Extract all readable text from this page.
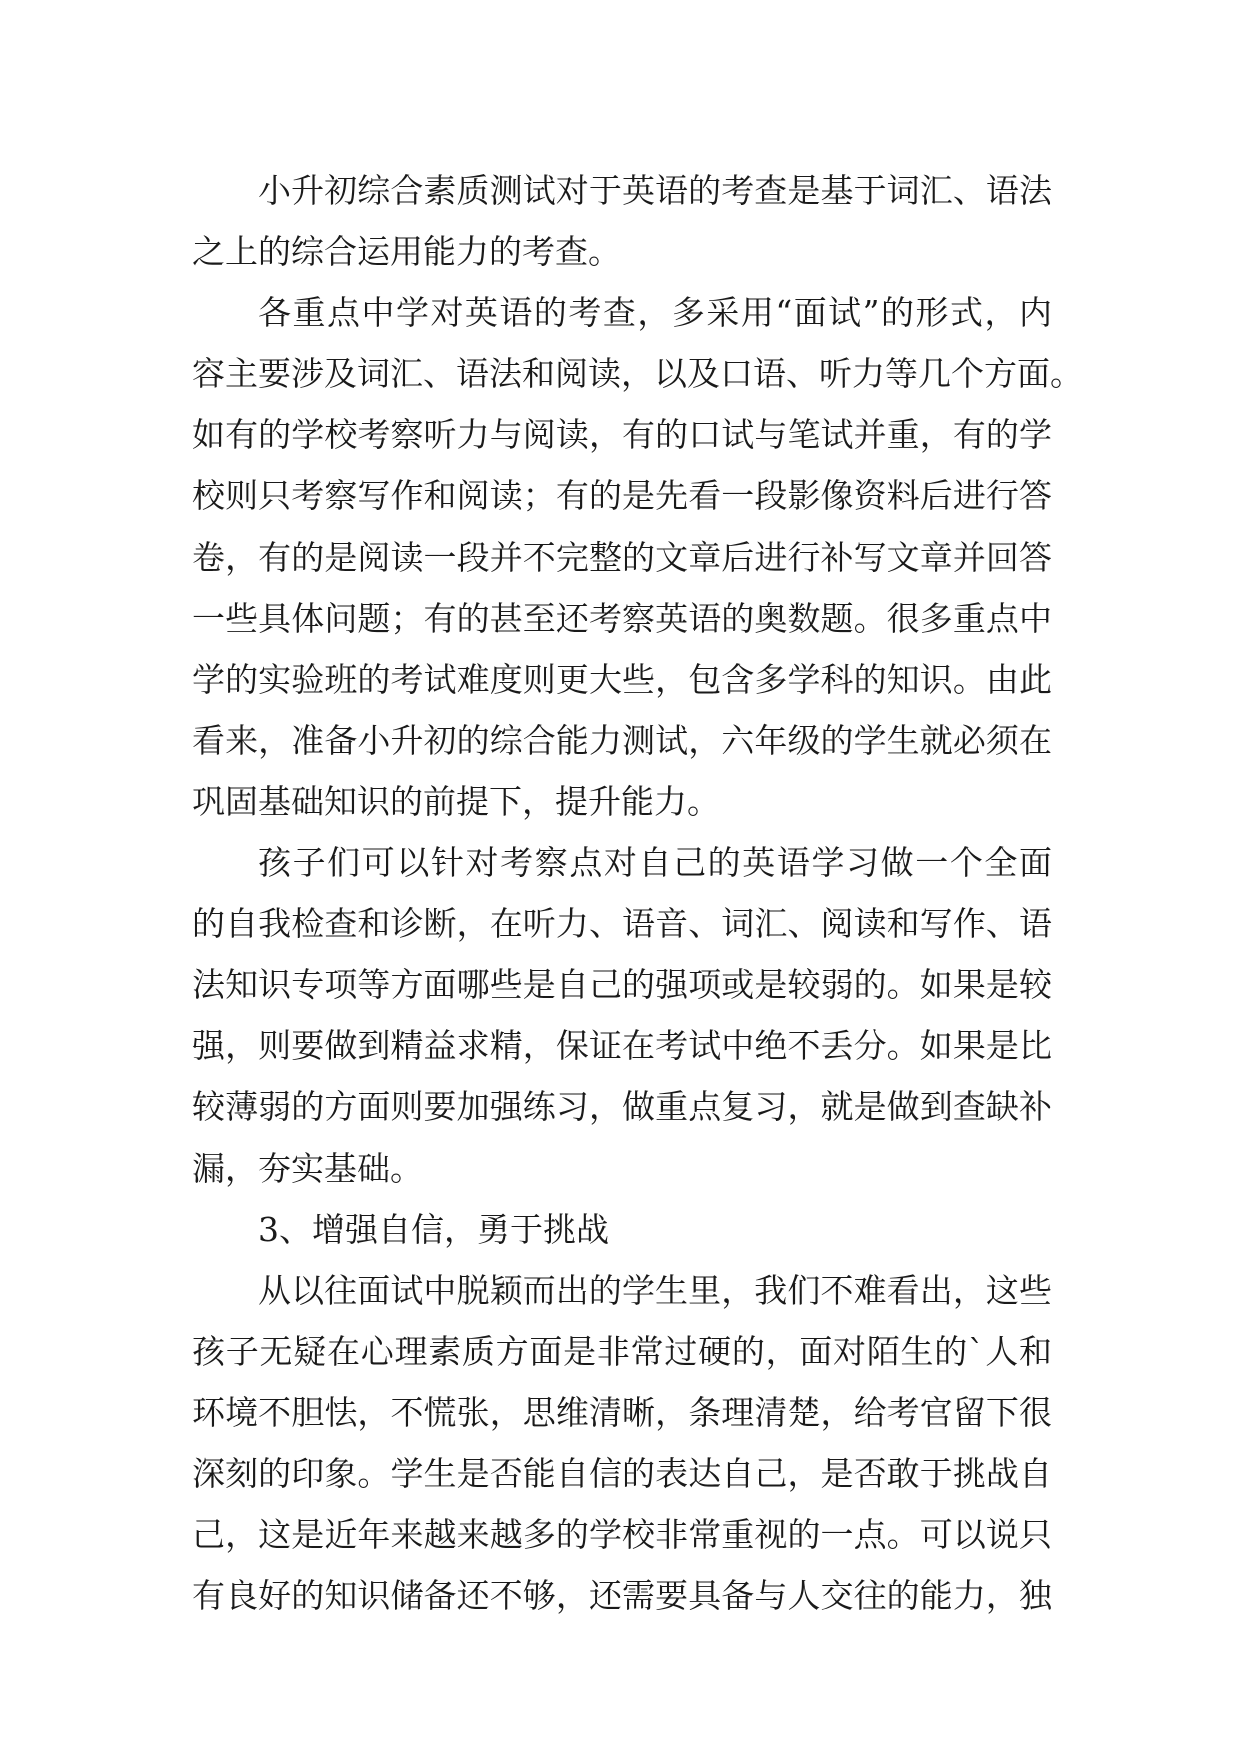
小升初综合素质测试对于英语的考查是基于词汇、语法
之上的综合运用能力的考查。
各重点中学对英语的考查，多采用“面试”的形式，内
容主要涉及词汇、语法和阅读，以及口语、听力等几个方面。
如有的学校考察听力与阅读，有的口试与笔试并重，有的学
校则只考察写作和阅读；有的是先看一段影像资料后进行答
卷，有的是阅读一段并不完整的文章后进行补写文章并回答
一些具体问题；有的甚至还考察英语的奥数题。很多重点中
学的实验班的考试难度则更大些，包含多学科的知识。由此
看来，准备小升初的综合能力测试，六年级的学生就必须在
巩固基础知识的前提下，提升能力。
孩子们可以针对考察点对自己的英语学习做一个全面
的自我检查和诊断，在听力、语音、词汇、阅读和写作、语
法知识专项等方面哪些是自己的强项或是较弱的。如果是较
强，则要做到精益求精，保证在考试中绝不丢分。如果是比
较薄弱的方面则要加强练习，做重点复习，就是做到查缺补
漏，夯实基础。
3、增强自信，勇于挑战
从以往面试中脱颖而出的学生里，我们不难看出，这些
孩子无疑在心理素质方面是非常过硬的，面对陌生的`人和
环境不胆怯，不慌张，思维清晰，条理清楚，给考官留下很
深刻的印象。学生是否能自信的表达自己，是否敢于挑战自
己，这是近年来越来越多的学校非常重视的一点。可以说只
有良好的知识储备还不够，还需要具备与人交往的能力，独
